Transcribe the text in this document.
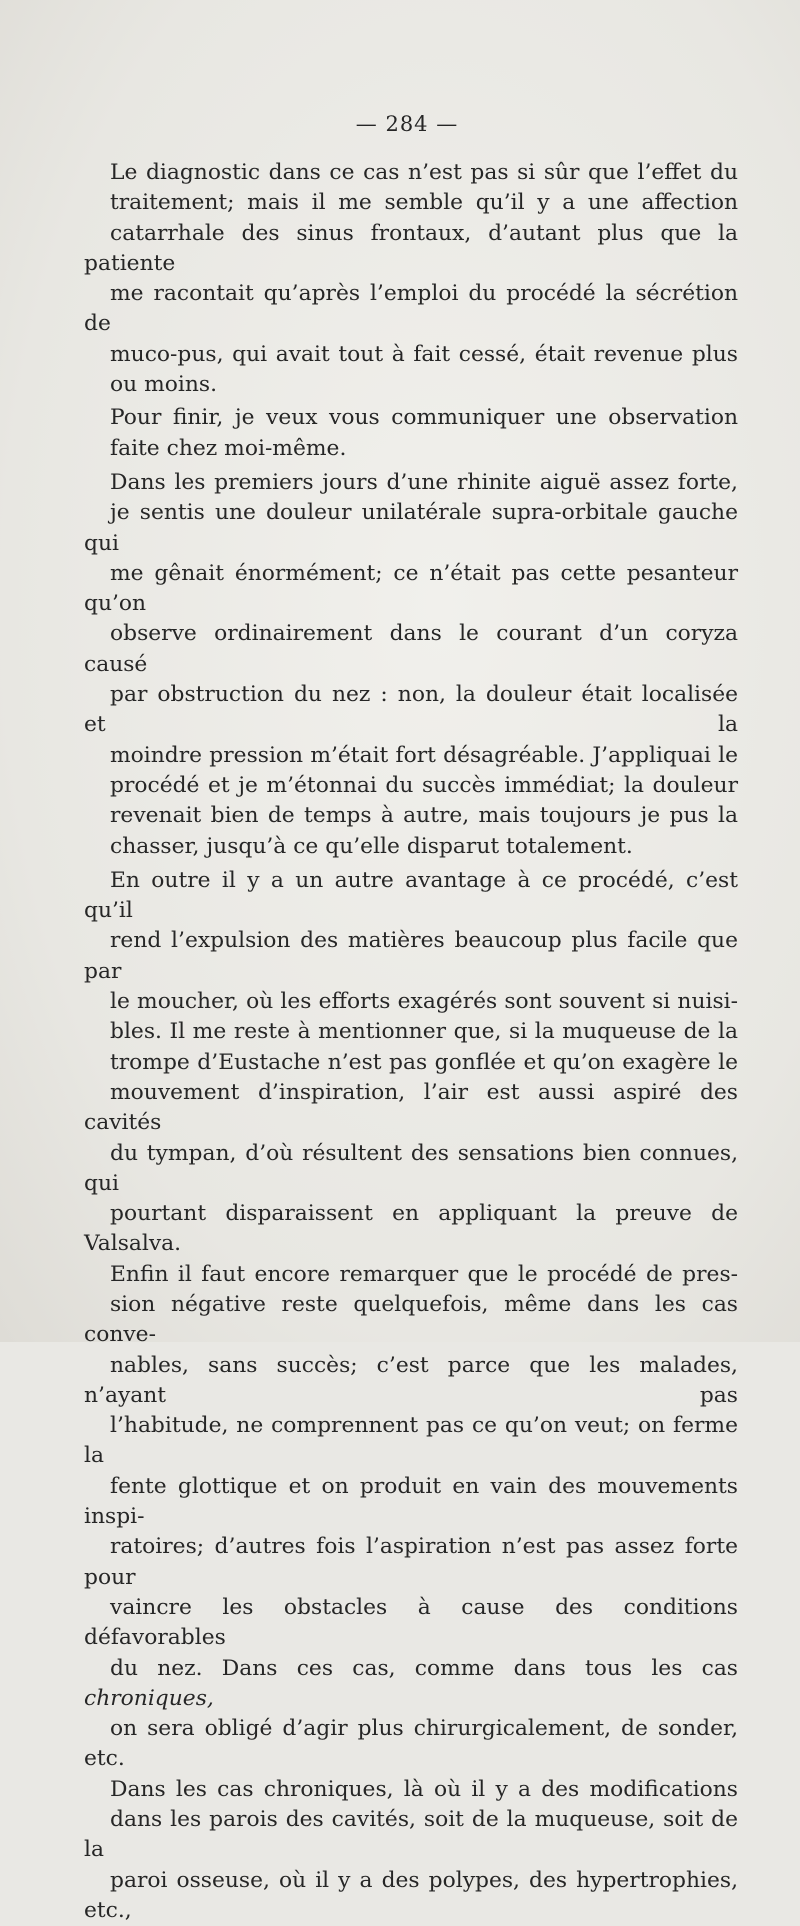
— 284 —

Le diagnostic dans ce cas n’est pas si sûr que l’effet du
traitement; mais il me semble qu’il y a une affection
catarrhale des sinus frontaux, d’autant plus que la patiente
me racontait qu’après l’emploi du procédé la sécrétion de
muco-pus, qui avait tout à fait cessé, était revenue plus
ou moins.

Pour finir, je veux vous communiquer une observation
faite chez moi-même.

Dans les premiers jours d’une rhinite aiguë assez forte,
je sentis une douleur unilatérale supra-orbitale gauche qui
me gênait énormément; ce n’était pas cette pesanteur qu’on
observe ordinairement dans le courant d’un coryza causé
par obstruction du nez : non, la douleur était localisée et la
moindre pression m’était fort désagréable. J’appliquai le
procédé et je m’étonnai du succès immédiat; la douleur
revenait bien de temps à autre, mais toujours je pus la
chasser, jusqu’à ce qu’elle disparut totalement.

En outre il y a un autre avantage à ce procédé, c’est qu’il
rend l’expulsion des matières beaucoup plus facile que par
le moucher, où les efforts exagérés sont souvent si nuisi-
bles. Il me reste à mentionner que, si la muqueuse de la
trompe d’Eustache n’est pas gonflée et qu’on exagère le
mouvement d’inspiration, l’air est aussi aspiré des cavités
du tympan, d’où résultent des sensations bien connues, qui
pourtant disparaissent en appliquant la preuve de Valsalva.
Enfin il faut encore remarquer que le procédé de pres-
sion négative reste quelquefois, même dans les cas conve-
nables, sans succès; c’est parce que les malades, n’ayant pas
l’habitude, ne comprennent pas ce qu’on veut; on ferme la
fente glottique et on produit en vain des mouvements inspi-
ratoires; d’autres fois l’aspiration n’est pas assez forte pour
vaincre les obstacles à cause des conditions défavorables
du nez. Dans ces cas, comme dans tous les cas chroniques,
on sera obligé d’agir plus chirurgicalement, de sonder, etc.
Dans les cas chroniques, là où il y a des modifications
dans les parois des cavités, soit de la muqueuse, soit de la
paroi osseuse, où il y a des polypes, des hypertrophies, etc.,
